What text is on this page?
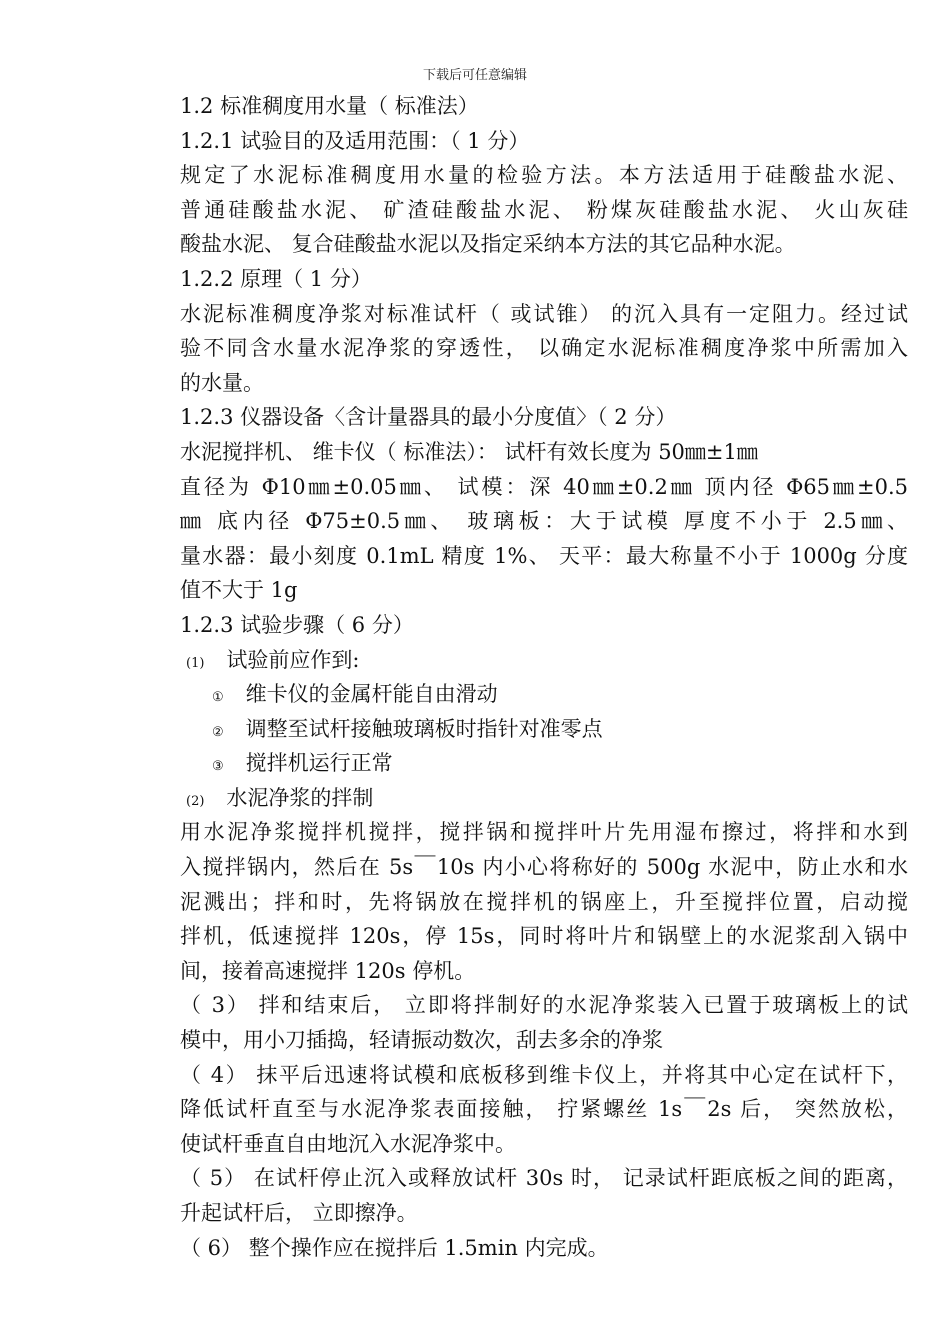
下载后可任意编辑
1.2 标准稠度用水量（ 标准法）
1.2.1 试验目的及适用范围：（ 1 分）
规定了水泥标准稠度用水量的检验方法。本方法适用于硅酸盐水泥、
普通硅酸盐水泥、 矿渣硅酸盐水泥、 粉煤灰硅酸盐水泥、 火山灰硅
酸盐水泥、 复合硅酸盐水泥以及指定采纳本方法的其它品种水泥。
1.2.2 原理（ 1 分）
水泥标准稠度净浆对标准试杆（ 或试锥） 的沉入具有一定阻力。经过试
验不同含水量水泥净浆的穿透性， 以确定水泥标准稠度净浆中所需加入
的水量。
1.2.3 仪器设备〈含计量器具的最小分度值〉（ 2 分）
水泥搅拌机、 维卡仪（ 标准法）： 试杆有效长度为 50㎜±1㎜
直径为 Φ10㎜±0.05㎜、 试模：深 40㎜±0.2㎜ 顶内径 Φ65㎜±0.5
㎜ 底内径 Φ75±0.5㎜、 玻璃板：大于试模 厚度不小于 2.5㎜、
量水器：最小刻度 0.1mL 精度 1%、 天平：最大称量不小于 1000g 分度
值不大于 1g
1.2.3 试验步骤（ 6 分）
(1) 试验前应作到:
① 维卡仪的金属杆能自由滑动
② 调整至试杆接触玻璃板时指针对准零点
③ 搅拌机运行正常
(2) 水泥净浆的拌制
用水泥净浆搅拌机搅拌，搅拌锅和搅拌叶片先用湿布擦过，将拌和水到
入搅拌锅内，然后在 5s￣10s 内小心将称好的 500g 水泥中，防止水和水
泥溅出；拌和时，先将锅放在搅拌机的锅座上，升至搅拌位置，启动搅
拌机，低速搅拌 120s，停 15s，同时将叶片和锅壁上的水泥浆刮入锅中
间，接着高速搅拌 120s 停机。
（ 3） 拌和结束后， 立即将拌制好的水泥净浆装入已置于玻璃板上的试
模中，用小刀插捣，轻请振动数次，刮去多余的净浆
（ 4） 抹平后迅速将试模和底板移到维卡仪上，并将其中心定在试杆下，
降低试杆直至与水泥净浆表面接触， 拧紧螺丝 1s￣2s 后， 突然放松，
使试杆垂直自由地沉入水泥净浆中。
（ 5） 在试杆停止沉入或释放试杆 30s 时， 记录试杆距底板之间的距离，
升起试杆后， 立即擦净。
（ 6） 整个操作应在搅拌后 1.5min 内完成。
